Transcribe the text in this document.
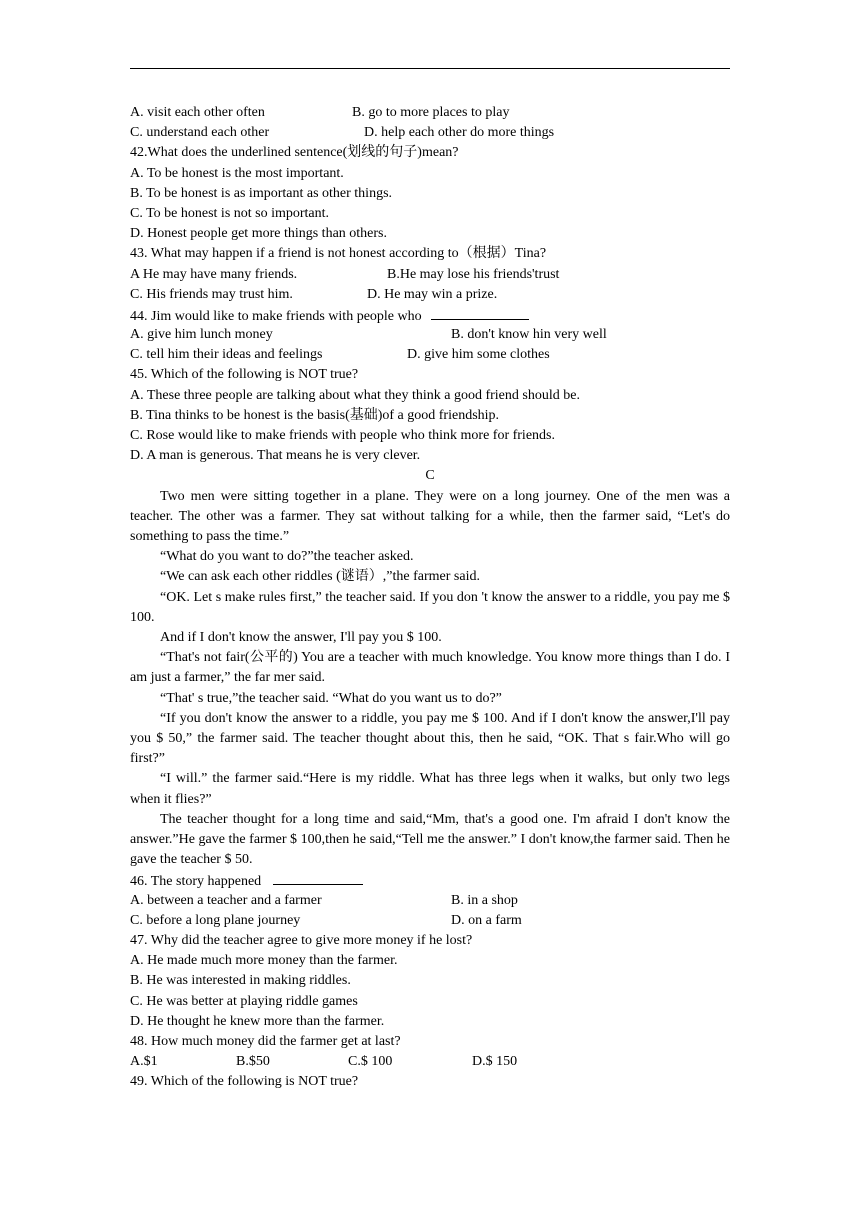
A. visit each other often	B. go to more places to play
C. understand each other	D. help each other do more things
42.What does the underlined sentence(划线的句子)mean?
A. To be honest is the most important.
B. To be honest is as important as other things.
C. To be honest is not so important.
D. Honest people get more things than others.
43. What may happen if a friend is not honest according to（根据）Tina?
A He may have many friends.	B.He may lose his friends'trust
C. His friends may trust him.	D. He may win a prize.
44. Jim would like to make friends with people who
A. give him lunch money	B. don't know hin very well
C. tell him their ideas and feelings	D. give him some clothes
45. Which of the following is NOT true?
A. These three people are talking about what they think a good friend should be.
B. Tina thinks to be honest is the basis(基础)of a good friendship.
C. Rose would like to make friends with people who think more for friends.
D. A man is generous. That means he is very clever.
C

Two men were sitting together in a plane. They were on a long journey. One of the men was a teacher. The other was a farmer. They sat without talking for a while, then the farmer said, “Let's do something to pass the time.”

“What do you want to do?”the teacher asked.

“We can ask each other riddles (谜语）,”the farmer said.

“OK. Let s make rules first,” the teacher said. If you don 't know the answer to a riddle, you pay me $ 100.

And if I don't know the answer, I'll pay you $ 100.

“That's not fair(公平的) You are a teacher with much knowledge. You know more things than I do. I am just a farmer,” the far mer said.

“That' s true,”the teacher said. “What do you want us to do?”

“If you don't know the answer to a riddle, you pay me $ 100. And if I don't know the answer,I'll pay you $ 50,” the farmer said. The teacher thought about this, then he said, “OK. That s fair.Who will go first?”

“I will.” the farmer said.“Here is my riddle. What has three legs when it walks, but only two legs when it flies?”

The teacher thought for a long time and said,“Mm, that's a good one. I'm afraid I don't know the answer.”He gave the farmer $ 100,then he said,“Tell me the answer.” I don't know,the farmer said. Then he gave the teacher $ 50.

46. The story happened
A. between a teacher and a farmer	B. in a shop
C. before a long plane journey	D. on a farm
47. Why did the teacher agree to give more money if he lost?
A. He made much more money than the farmer.
B. He was interested in making riddles.
C. He was better at playing riddle games
D. He thought he knew more than the farmer.
48. How much money did the farmer get at last?
A.$1	B.$50	C.$ 100	D.$ 150
49. Which of the following is NOT true?
